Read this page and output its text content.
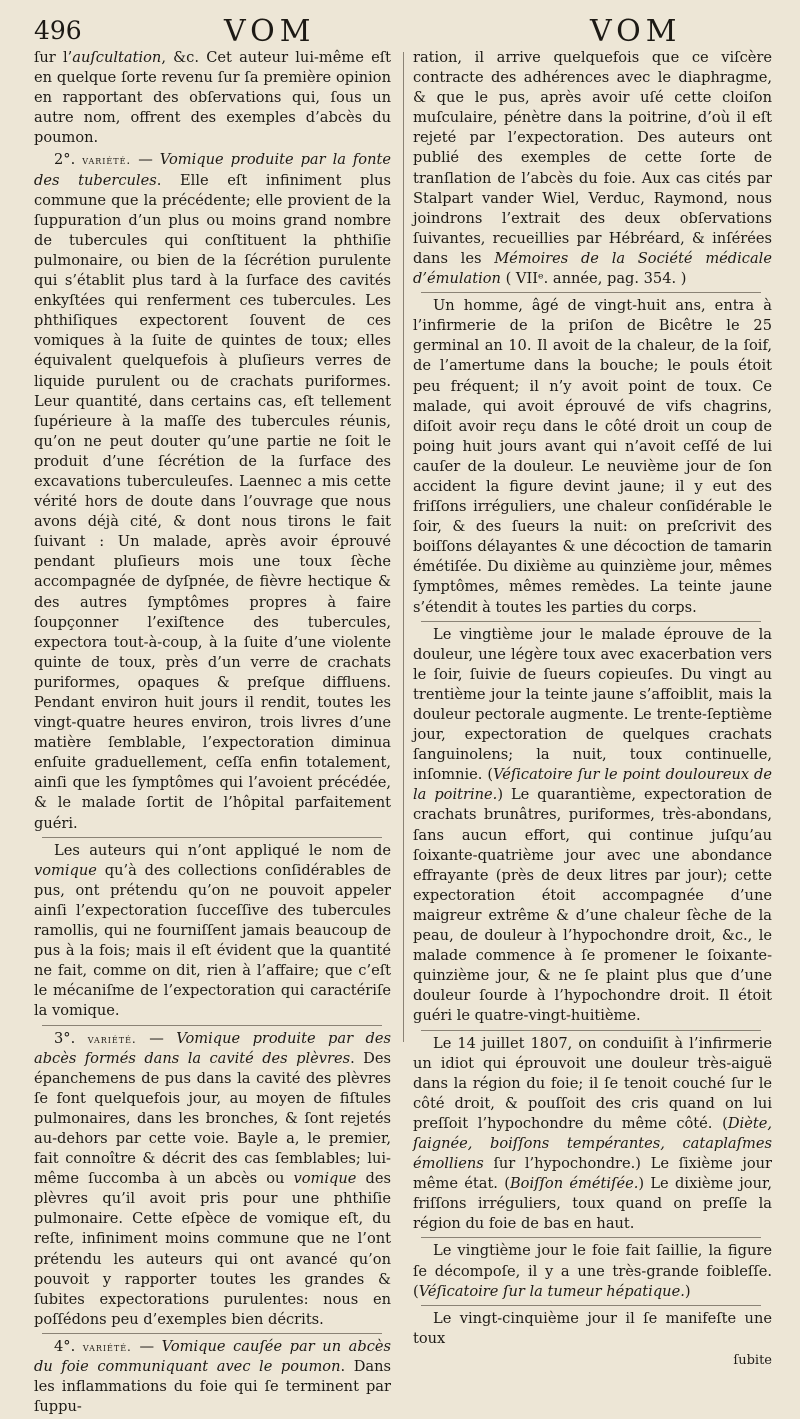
496	VOM	VOM

ſur l’auſcultation, &c. Cet auteur lui-même eſt en quelque ſorte revenu ſur ſa première opinion en rapportant des obſervations qui, ſous un autre nom, offrent des exemples d’abcès du poumon.

2°. variété. — Vomique produite par la fonte des tubercules. Elle eſt infiniment plus commune que la précédente; elle provient de la ſuppuration d’un plus ou moins grand nombre de tubercules qui conſtituent la phthiſie pulmonaire, ou bien de la ſécrétion purulente qui s’établit plus tard à la ſurface des cavités enkyſtées qui renferment ces tubercules. Les phthiſiques expectorent ſouvent de ces vomiques à la ſuite de quintes de toux; elles équivalent quelquefois à pluſieurs verres de liquide purulent ou de crachats puriformes. Leur quantité, dans certains cas, eſt tellement ſupérieure à la maſſe des tubercules réunis, qu’on ne peut douter qu’une partie ne ſoit le produit d’une ſécrétion de la ſurface des excavations tuberculeuſes. Laennec a mis cette vérité hors de doute dans l’ouvrage que nous avons déjà cité, & dont nous tirons le fait ſuivant : Un malade, après avoir éprouvé pendant pluſieurs mois une toux ſèche accompagnée de dyſpnée, de fièvre hectique & des autres ſymptômes propres à faire ſoupçonner l’exiſtence des tubercules, expectora tout-à-coup, à la ſuite d’une violente quinte de toux, près d’un verre de crachats puriformes, opaques & preſque diffluens. Pendant environ huit jours il rendit, toutes les vingt-quatre heures environ, trois livres d’une matière ſemblable, l’expectoration diminua enſuite graduellement, ceſſa enfin totalement, ainſi que les ſymptômes qui l’avoient précédée, & le malade ſortit de l’hôpital parfaitement guéri.

Les auteurs qui n’ont appliqué le nom de vomique qu’à des collections conſidérables de pus, ont prétendu qu’on ne pouvoit appeler ainſi l’expectoration ſucceſſive des tubercules ramollis, qui ne fourniſſent jamais beaucoup de pus à la fois; mais il eſt évident que la quantité ne fait, comme on dit, rien à l’affaire; que c’eſt le mécaniſme de l’expectoration qui caractériſe la vomique.

3°. variété. — Vomique produite par des abcès formés dans la cavité des plèvres. Des épanchemens de pus dans la cavité des plèvres ſe font quelquefois jour, au moyen de fiſtules pulmonaires, dans les bronches, & ſont rejetés au-dehors par cette voie. Bayle a, le premier, fait connoître & décrit des cas ſemblables; lui-même ſuccomba à un abcès ou vomique des plèvres qu’il avoit pris pour une phthiſie pulmonaire. Cette eſpèce de vomique eſt, du reſte, infiniment moins commune que ne l’ont prétendu les auteurs qui ont avancé qu’on pouvoit y rapporter toutes les grandes & ſubites expectorations purulentes: nous en poſſédons peu d’exemples bien décrits.

4°. variété. — Vomique cauſée par un abcès du foie communiquant avec le poumon. Dans les inflammations du foie qui ſe terminent par ſuppu-

ration, il arrive quelquefois que ce viſcère contracte des adhérences avec le diaphragme, & que le pus, après avoir uſé cette cloiſon muſculaire, pénètre dans la poitrine, d’où il eſt rejeté par l’expectoration. Des auteurs ont publié des exemples de cette ſorte de tranſlation de l’abcès du foie. Aux cas cités par Stalpart vander Wiel, Verduc, Raymond, nous joindrons l’extrait des deux obſervations ſuivantes, recueillies par Hébréard, & inſérées dans les Mémoires de la Société médicale d’émulation ( VIIᵉ. année, pag. 354. )

Un homme, âgé de vingt-huit ans, entra à l’infirmerie de la priſon de Bicêtre le 25 germinal an 10. Il avoit de la chaleur, de la ſoif, de l’amertume dans la bouche; le pouls étoit peu fréquent; il n’y avoit point de toux. Ce malade, qui avoit éprouvé de vifs chagrins, diſoit avoir reçu dans le côté droit un coup de poing huit jours avant qui n’avoit ceſſé de lui cauſer de la douleur. Le neuvième jour de ſon accident la figure devint jaune; il y eut des friſſons irréguliers, une chaleur conſidérable le ſoir, & des ſueurs la nuit: on preſcrivit des boiſſons délayantes & une décoction de tamarin émétiſée. Du dixième au quinzième jour, mêmes ſymptômes, mêmes remèdes. La teinte jaune s’étendit à toutes les parties du corps.

Le vingtième jour le malade éprouve de la douleur, une légère toux avec exacerbation vers le ſoir, ſuivie de ſueurs copieuſes. Du vingt au trentième jour la teinte jaune s’affoiblit, mais la douleur pectorale augmente. Le trente-ſeptième jour, expectoration de quelques crachats ſanguinolens; la nuit, toux continuelle, inſomnie. (Véſicatoire ſur le point douloureux de la poitrine.) Le quarantième, expectoration de crachats brunâtres, puriformes, très-abondans, ſans aucun effort, qui continue juſqu’au ſoixante-quatrième jour avec une abondance effrayante (près de deux litres par jour); cette expectoration étoit accompagnée d’une maigreur extrême & d’une chaleur ſèche de la peau, de douleur à l’hypochondre droit, &c., le malade commence à ſe promener le ſoixante-quinzième jour, & ne ſe plaint plus que d’une douleur ſourde à l’hypochondre droit. Il étoit guéri le quatre-vingt-huitième.

Le 14 juillet 1807, on conduiſit à l’infirmerie un idiot qui éprouvoit une douleur très-aiguë dans la région du foie; il ſe tenoit couché ſur le côté droit, & pouſſoit des cris quand on lui preſſoit l’hypochondre du même côté. (Diète, ſaignée, boiſſons tempérantes, cataplaſmes émolliens ſur l’hypochondre.) Le ſixième jour même état. (Boiſſon émétiſée.) Le dixième jour, friſſons irréguliers, toux quand on preſſe la région du foie de bas en haut.

Le vingtième jour le foie fait ſaillie, la figure ſe décompoſe, il y a une très-grande foibleſſe. (Véſicatoire ſur la tumeur hépatique.)

Le vingt-cinquième jour il ſe manifeſte une toux

ſubite
